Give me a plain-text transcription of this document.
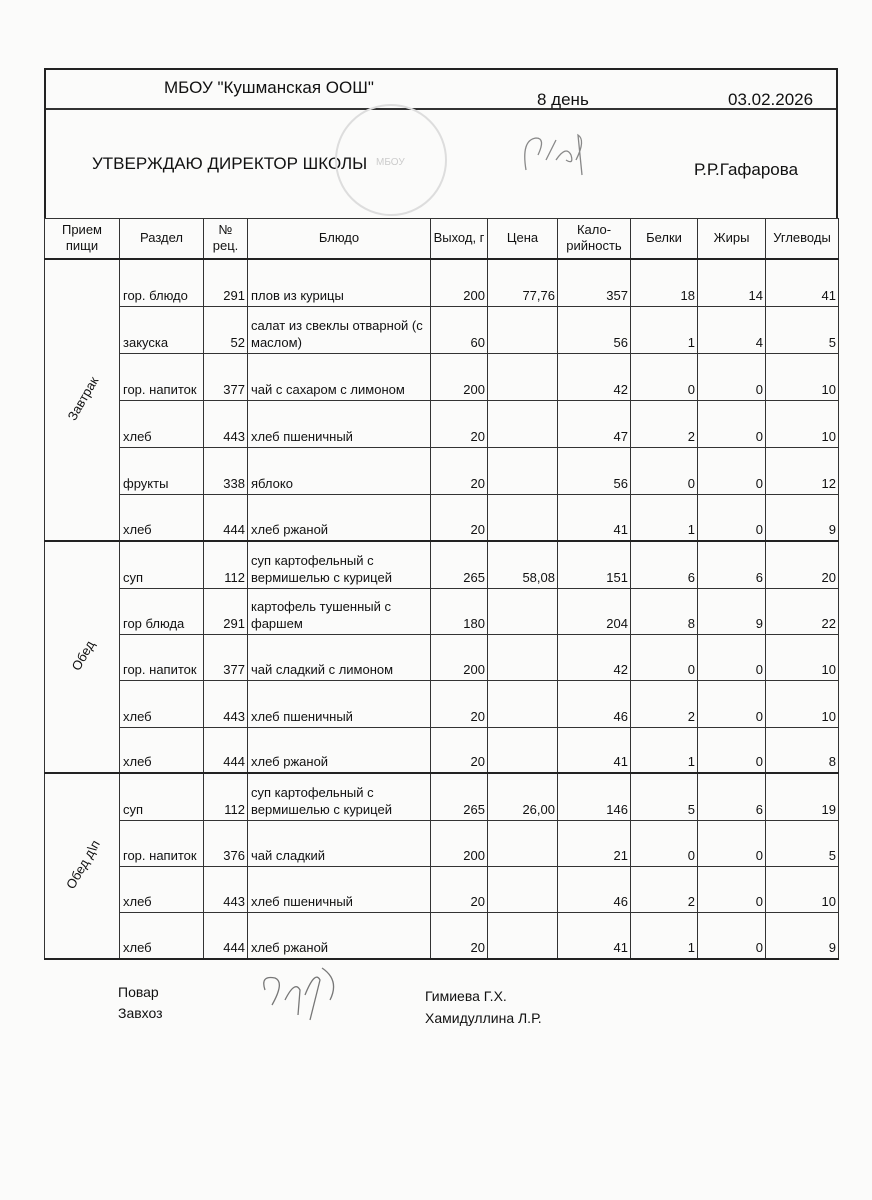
МБОУ "Кушманская ООШ"
8 день	03.02.2026
УТВЕРЖДАЮ ДИРЕКТОР ШКОЛЫ	Р.Р.Гафарова
МБОУ
Прием пищи	Раздел	№ рец.	Блюдо	Выход, г	Цена	Кало-рийность	Белки	Жиры	Углеводы
Завтрак	гор. блюдо	291	плов из курицы	200	77,76	357	18	14	41
	закуска	52	салат из свеклы отварной (с маслом)	60		56	1	4	5
	гор. напиток	377	чай с сахаром с лимоном	200		42	0	0	10
	хлеб	443	хлеб пшеничный	20		47	2	0	10
	фрукты	338	яблоко	20		56	0	0	12
	хлеб	444	хлеб ржаной	20		41	1	0	9
Обед	суп	112	суп картофельный с вермишелью с курицей	265	58,08	151	6	6	20
	гор блюда	291	картофель тушенный с фаршем	180		204	8	9	22
	гор. напиток	377	чай сладкий с лимоном	200		42	0	0	10
	хлеб	443	хлеб пшеничный	20		46	2	0	10
	хлеб	444	хлеб ржаной	20		41	1	0	8
Обед д\п	суп	112	суп картофельный с вермишелью с курицей	265	26,00	146	5	6	19
	гор. напиток	376	чай сладкий	200		21	0	0	5
	хлеб	443	хлеб пшеничный	20		46	2	0	10
	хлеб	444	хлеб ржаной	20		41	1	0	9
Повар
Завхоз
Гимиева Г.Х.
Хамидуллина Л.Р.
